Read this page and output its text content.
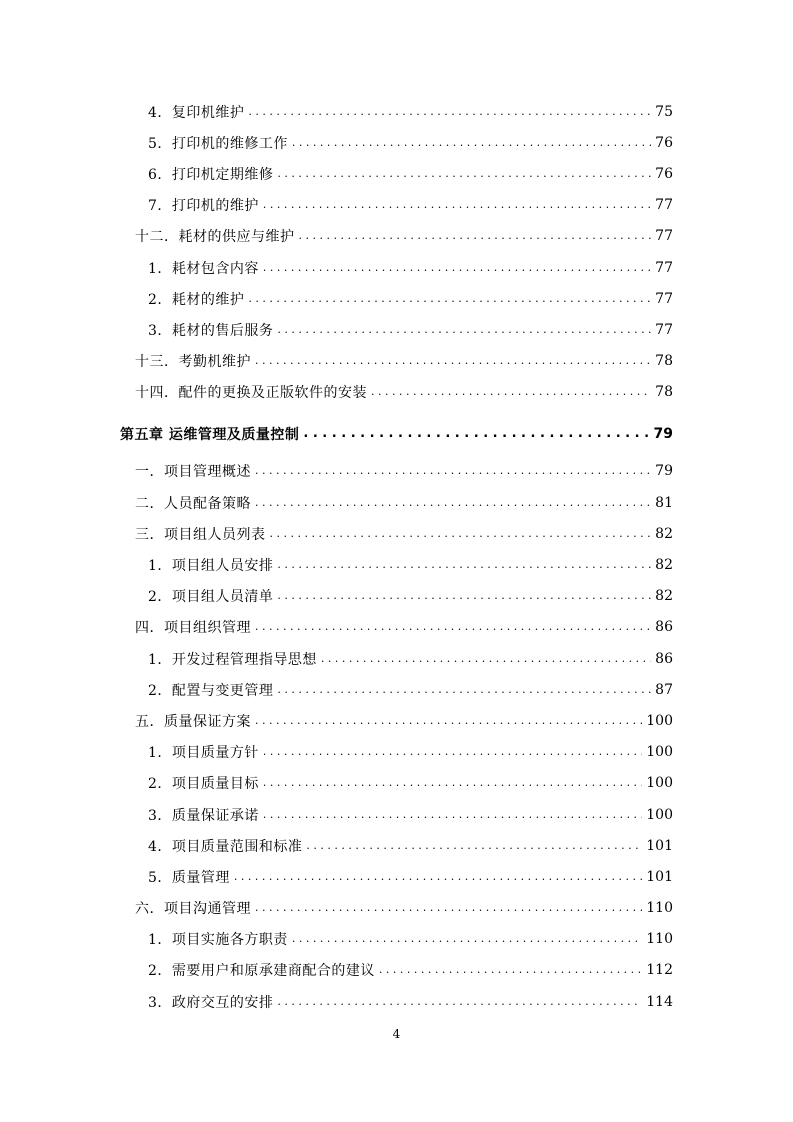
4．复印机维护 . . .	75
5．打印机的维修工作 . . .	76
6．打印机定期维修 . . .	76
7．打印机的维护 . . .	77
十二．耗材的供应与维护 . . .	77
1．耗材包含内容 . . .	77
2．耗材的维护 . . .	77
3．耗材的售后服务 . . .	77
十三．考勤机维护 . . .	78
十四．配件的更换及正版软件的安装 . . .	78
第五章 运维管理及质量控制 . . .	79
一．项目管理概述 . . .	79
二．人员配备策略 . . .	81
三．项目组人员列表 . . .	82
1．项目组人员安排 . . .	82
2．项目组人员清单 . . .	82
四．项目组织管理 . . .	86
1．开发过程管理指导思想 . . .	86
2．配置与变更管理 . . .	87
五．质量保证方案 . . .	100
1．项目质量方针 . . .	100
2．项目质量目标 . . .	100
3．质量保证承诺 . . .	100
4．项目质量范围和标准 . . .	101
5．质量管理 . . .	101
六．项目沟通管理 . . .	110
1．项目实施各方职责 . . .	110
2．需要用户和原承建商配合的建议 . . .	112
3．政府交互的安排 . . .	114
4
